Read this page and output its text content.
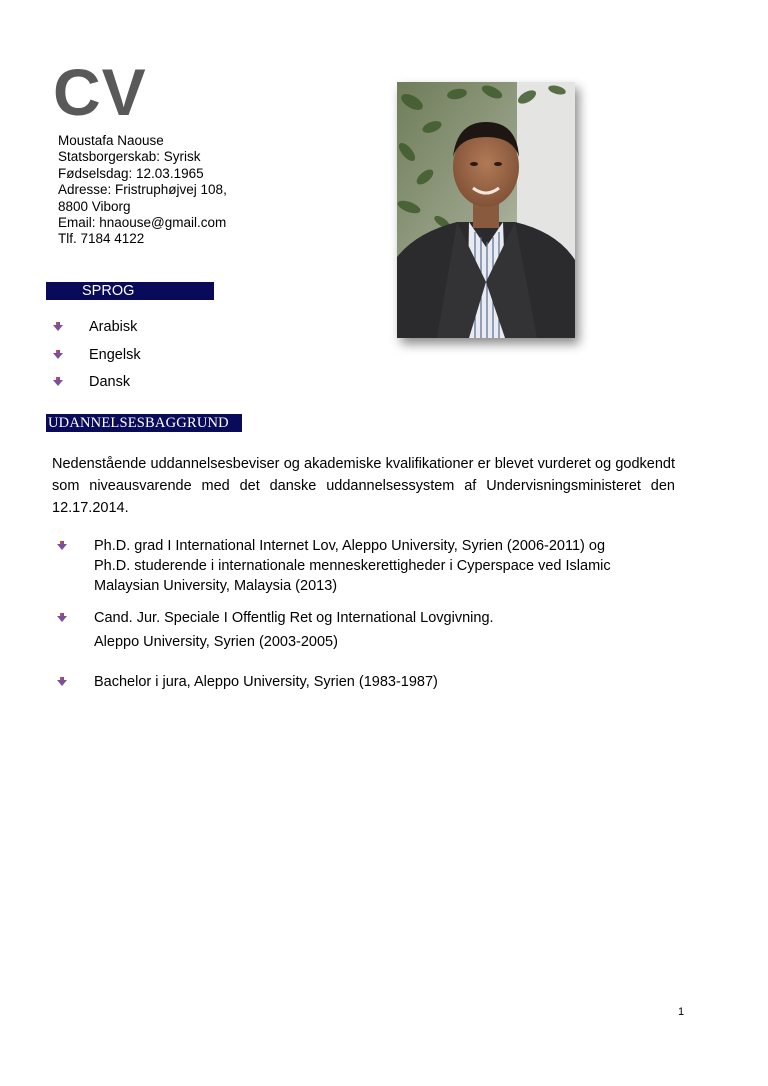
CV
Moustafa Naouse
Statsborgerskab: Syrisk
Fødselsdag: 12.03.1965
Adresse: Fristruphøjvej 108,
8800 Viborg
Email: hnaouse@gmail.com
Tlf. 7184 4122
SPROG
Arabisk
Engelsk
Dansk
UDANNELSESBAGGRUND
Nedenstående uddannelsesbeviser og akademiske kvalifikationer er blevet vurderet og godkendt som niveausvarende med det danske uddannelsessystem af Undervisningsministeret den 12.17.2014.
Ph.D. grad I International Internet Lov, Aleppo University, Syrien (2006-2011) og
Ph.D. studerende i internationale menneskerettigheder i Cyperspace ved Islamic
Malaysian University, Malaysia (2013)
Cand. Jur. Speciale I Offentlig Ret og International Lovgivning.
Aleppo University, Syrien (2003-2005)
Bachelor i jura, Aleppo University, Syrien (1983-1987)
1
